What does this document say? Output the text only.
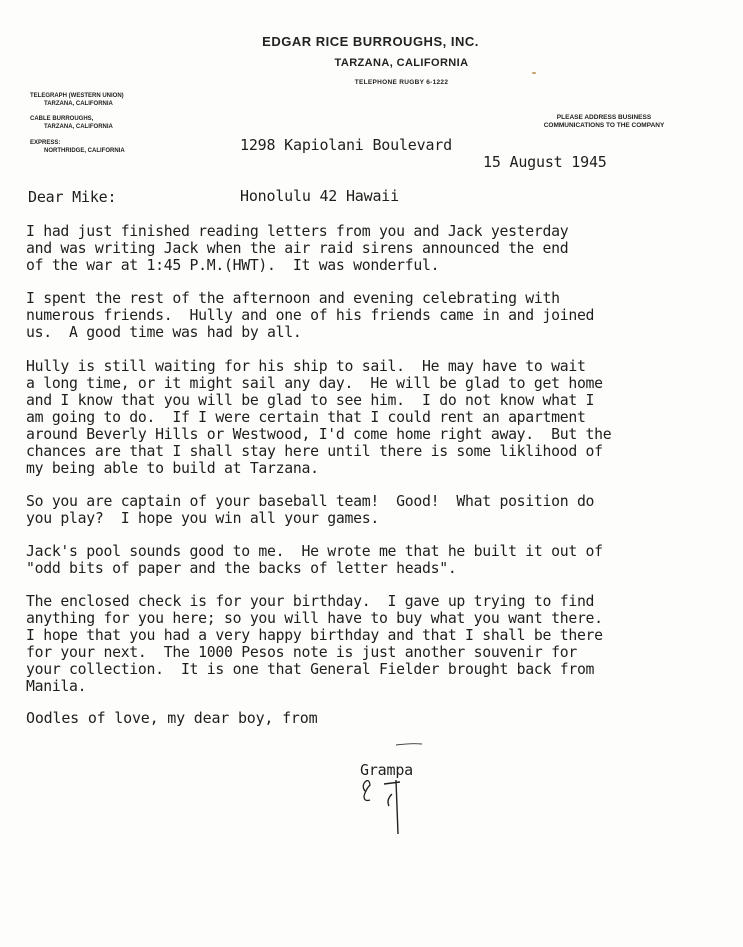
EDGAR RICE BURROUGHS, INC.
TARZANA, CALIFORNIA
TELEPHONE RUGBY 6-1222
TELEGRAPH (WESTERN UNION)
TARZANA, CALIFORNIA
CABLE BURROUGHS,
TARZANA, CALIFORNIA
EXPRESS:
NORTHRIDGE, CALIFORNIA
PLEASE ADDRESS BUSINESS
COMMUNICATIONS TO THE COMPANY

1298 Kapiolani Boulevard

Honolulu 42 Hawaii

15 August 1945
Dear Mike:
I had just finished reading letters from you and Jack yesterday
and was writing Jack when the air raid sirens announced the end
of the war at 1:45 P.M.(HWT).  It was wonderful.
I spent the rest of the afternoon and evening celebrating with
numerous friends.  Hully and one of his friends came in and joined
us.  A good time was had by all.
Hully is still waiting for his ship to sail.  He may have to wait
a long time, or it might sail any day.  He will be glad to get home
and I know that you will be glad to see him.  I do not know what I
am going to do.  If I were certain that I could rent an apartment
around Beverly Hills or Westwood, I'd come home right away.  But the
chances are that I shall stay here until there is some liklihood of
my being able to build at Tarzana.
So you are captain of your baseball team!  Good!  What position do
you play?  I hope you win all your games.
Jack's pool sounds good to me.  He wrote me that he built it out of
"odd bits of paper and the backs of letter heads".
The enclosed check is for your birthday.  I gave up trying to find
anything for you here; so you will have to buy what you want there.
I hope that you had a very happy birthday and that I shall be there
for your next.  The 1000 Pesos note is just another souvenir for
your collection.  It is one that General Fielder brought back from
Manila.
Oodles of love, my dear boy, from
Grampa
